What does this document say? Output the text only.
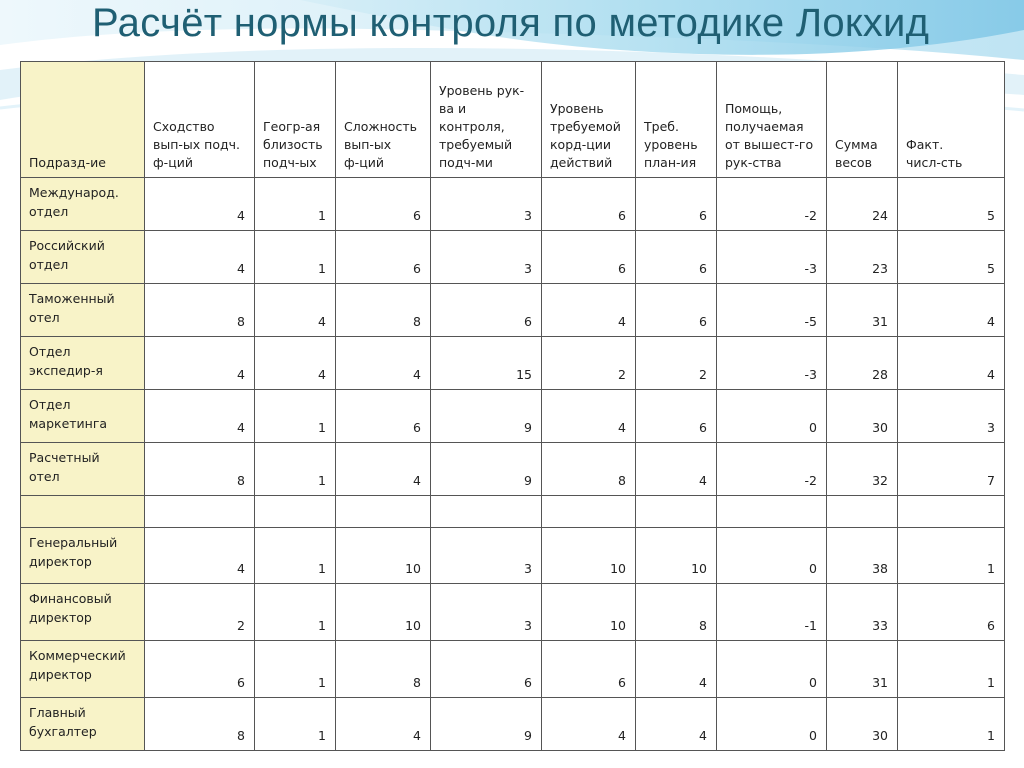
Расчёт нормы контроля по методике Локхид
Подразд-ие	Сходство
вып-ых подч.
ф-ций	Геогр-ая
близость
подч-ых	Сложность
вып-ых
ф-ций	Уровень рук-
ва и
контроля,
требуемый
подч-ми	Уровень
требуемой
корд-ции
действий	Треб.
уровень
план-ия	Помощь,
получаемая
от вышест-го
рук-ства	Сумма
весов	Факт.
числ-сть
Международ.
отдел	4	1	6	3	6	6	-2	24	5
Российский
отдел	4	1	6	3	6	6	-3	23	5
Таможенный
отел	8	4	8	6	4	6	-5	31	4
Отдел
экспедир-я	4	4	4	15	2	2	-3	28	4
Отдел
маркетинга	4	1	6	9	4	6	0	30	3
Расчетный
отел	8	1	4	9	8	4	-2	32	7

Генеральный
директор	4	1	10	3	10	10	0	38	1
Финансовый
директор	2	1	10	3	10	8	-1	33	6
Коммерческий
директор	6	1	8	6	6	4	0	31	1
Главный
бухгалтер	8	1	4	9	4	4	0	30	1
